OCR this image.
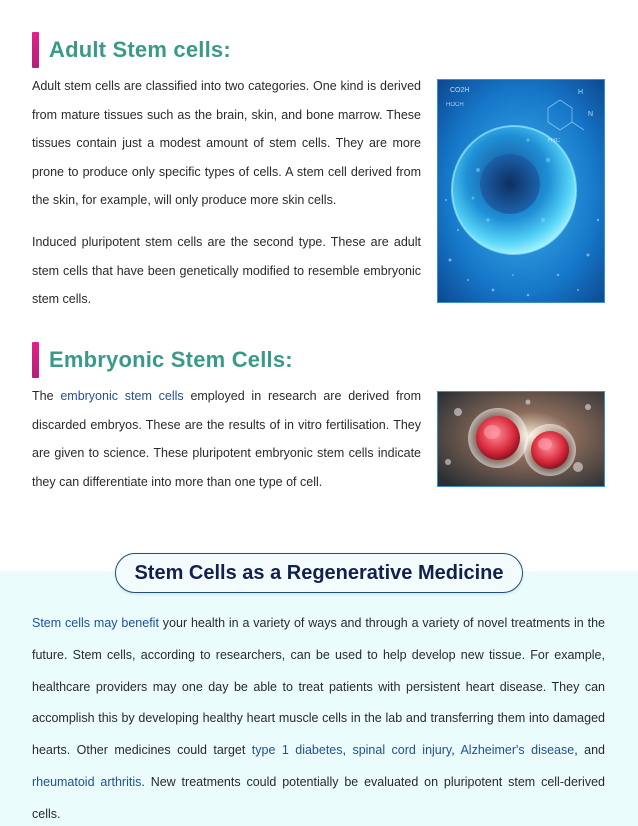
Adult Stem cells:

Adult stem cells are classified into two categories. One kind is derived from mature tissues such as the brain, skin, and bone marrow. These tissues contain just a modest amount of stem cells. They are more prone to produce only specific types of cells. A stem cell derived from the skin, for example, will only produce more skin cells.

Induced pluripotent stem cells are the second type. These are adult stem cells that have been genetically modified to resemble embryonic stem cells.

CO2H
HOCH
H
N
H3C
Embryonic Stem Cells:

The embryonic stem cells employed in research are derived from discarded embryos. These are the results of in vitro fertilisation. They are given to science. These pluripotent embryonic stem cells indicate they can differentiate into more than one type of cell.

Stem Cells as a Regenerative Medicine

Stem cells may benefit your health in a variety of ways and through a variety of novel treatments in the future. Stem cells, according to researchers, can be used to help develop new tissue. For example, healthcare providers may one day be able to treat patients with persistent heart disease. They can accomplish this by developing healthy heart muscle cells in the lab and transferring them into damaged hearts. Other medicines could target type 1 diabetes, spinal cord injury, Alzheimer's disease, and rheumatoid arthritis. New treatments could potentially be evaluated on pluripotent stem cell-derived cells.
